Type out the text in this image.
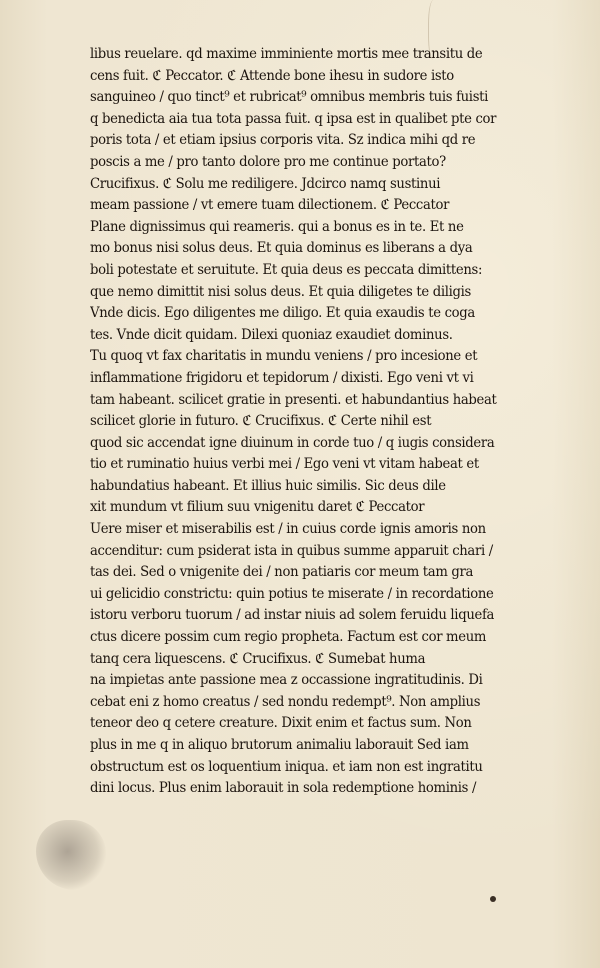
libus reuelare. qd maxime imminiente mortis mee transitu de
cens fuit. ℭ Peccator. ℭ Attende bone ihesu in sudore isto
sanguineo / quo tinct⁹ et rubricat⁹ omnibus membris tuis fuisti
q benedicta aia tua tota passa fuit. q ipsa est in qualibet pte cor
poris tota / et etiam ipsius corporis vita. Sz indica mihi qd re
poscis a me / pro tanto dolore pro me continue portato?
Crucifixus. ℭ Solu me rediligere. Jdcirco namq sustinui
meam passione / vt emere tuam dilectionem. ℭ Peccator
Plane dignissimus qui reameris. qui a bonus es in te. Et ne
mo bonus nisi solus deus. Et quia dominus es liberans a dya
boli potestate et seruitute. Et quia deus es peccata dimittens:
que nemo dimittit nisi solus deus. Et quia diligetes te diligis
Vnde dicis. Ego diligentes me diligo. Et quia exaudis te coga
tes. Vnde dicit quidam. Dilexi quoniaz exaudiet dominus.
Tu quoq vt fax charitatis in mundu veniens / pro incesione et
inflammatione frigidoru et tepidorum / dixisti. Ego veni vt vi
tam habeant. scilicet gratie in presenti. et habundantius habeat
scilicet glorie in futuro. ℭ Crucifixus. ℭ Certe nihil est
quod sic accendat igne diuinum in corde tuo / q iugis considera
tio et ruminatio huius verbi mei / Ego veni vt vitam habeat et
habundatius habeant. Et illius huic similis. Sic deus dile
xit mundum vt filium suu vnigenitu daret ℭ Peccator
Uere miser et miserabilis est / in cuius corde ignis amoris non
accenditur: cum psiderat ista in quibus summe apparuit chari /
tas dei. Sed o vnigenite dei / non patiaris cor meum tam gra
ui gelicidio constrictu: quin potius te miserate / in recordatione
istoru verboru tuorum / ad instar niuis ad solem feruidu liquefa
ctus dicere possim cum regio propheta. Factum est cor meum
tanq cera liquescens. ℭ Crucifixus. ℭ Sumebat huma
na impietas ante passione mea z occassione ingratitudinis. Di
cebat eni z homo creatus / sed nondu redempt⁹. Non amplius
teneor deo q cetere creature. Dixit enim et factus sum. Non
plus in me q in aliquo brutorum animaliu laborauit Sed iam
obstructum est os loquentium iniqua. et iam non est ingratitu
dini locus. Plus enim laborauit in sola redemptione hominis /
